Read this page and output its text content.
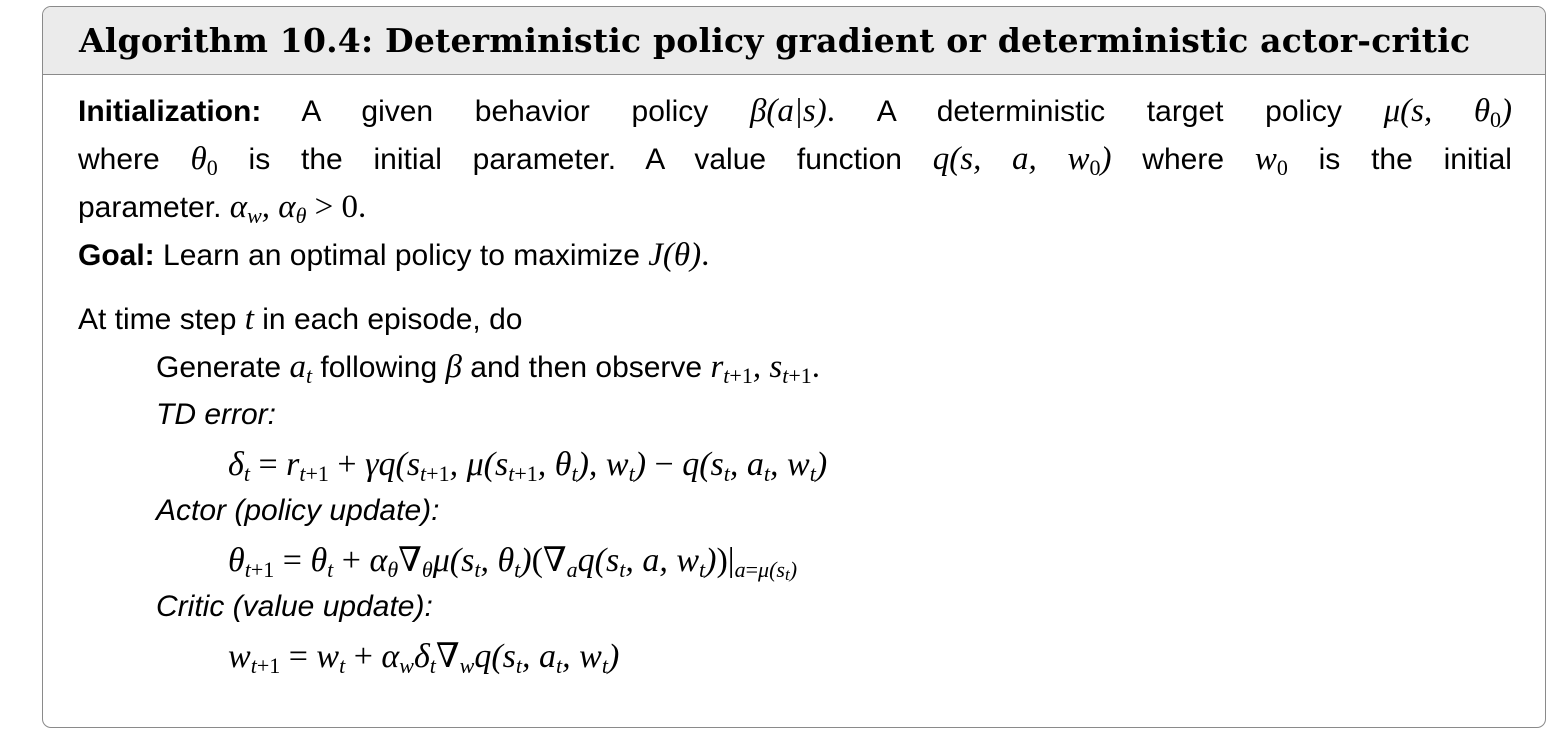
Algorithm 10.4: Deterministic policy gradient or deterministic actor-critic
Initialization: A given behavior policy β(a|s). A deterministic target policy μ(s, $\theta_0$)
where $\theta_0$ is the initial parameter. A value function q(s, a, $w_0$) where $w_0$ is the initial
parameter. $\alpha_w$, $\alpha_\theta > 0$.
Goal: Learn an optimal policy to maximize J(θ).
At time step t in each episode, do
Generate $a_t$ following β and then observe $r_{t+1}$, $s_{t+1}$.
TD error:
$\delta_t = r_{t+1} + \gamma q(s_{t+1}$, $\mu(s_{t+1}$, $\theta_t$), $w_t) - q(s_t$, $a_t$, $w_t$)
Actor (policy update):
$\theta_{t+1} = \theta_t + \alpha_\theta\nabla_\theta\mu(s_t$, $\theta_t)(\nabla_aq(s_t$, a, $w_t))|_{a=\mu(s_t)}$
Critic (value update):
$w_{t+1} = w_t + \alpha_w\delta_t\nabla_wq(s_t$, $a_t$, $w_t$)
